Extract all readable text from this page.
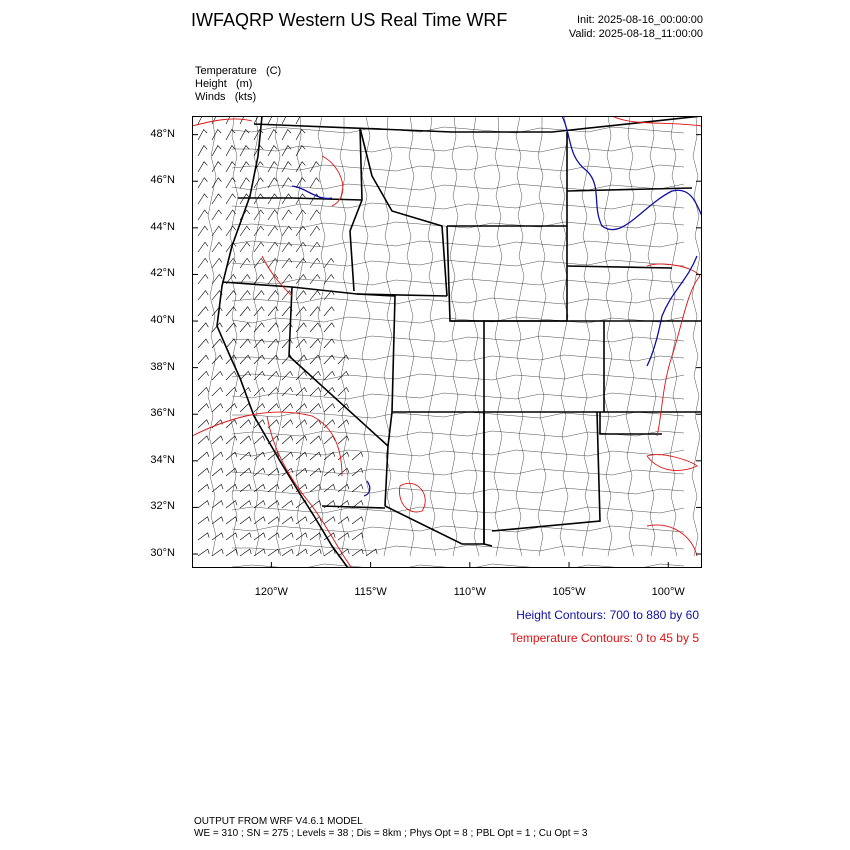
IWFAQRP Western US Real Time WRF	Init: 2025-08-16_00:00:00
Valid: 2025-08-18_11:00:00
Temperature (C)
Height (m)
Winds (kts)
48°N
46°N
44°N
42°N
40°N
38°N
36°N
34°N
32°N
30°N
120°W	115°W	110°W	105°W	100°W
Height Contours: 700 to 880 by 60
Temperature Contours: 0 to 45 by 5
OUTPUT FROM WRF V4.6.1 MODEL
WE = 310 ; SN = 275 ; Levels = 38 ; Dis = 8km ; Phys Opt = 8 ; PBL Opt = 1 ; Cu Opt = 3
